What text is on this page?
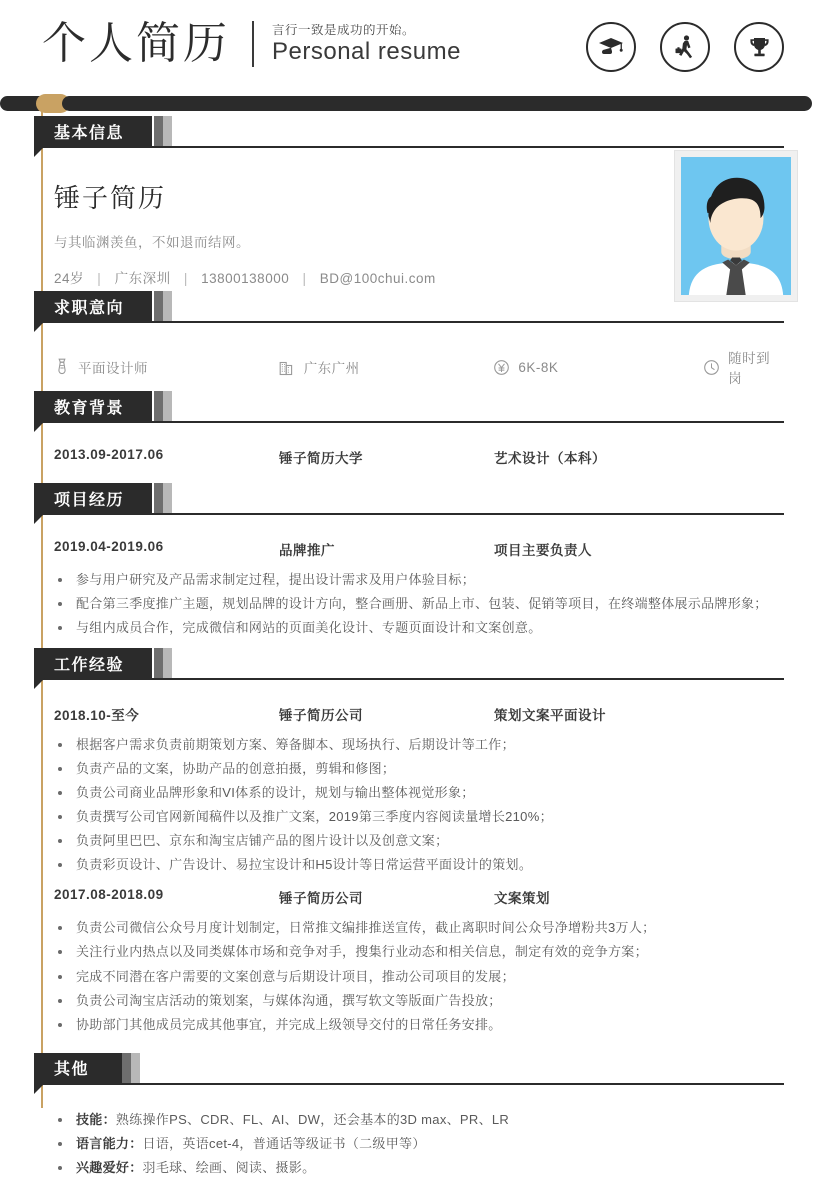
个人简历	言行一致是成功的开始。
Personal resume
基本信息
锤子简历
与其临渊羡鱼，不如退而结网。
24岁 | 广东深圳 | 13800138000 | BD@100chui.com
求职意向
平面设计师	广东广州	6K-8K
随时到岗
教育背景
2013.09-2017.06	锤子简历大学	艺术设计（本科）
项目经历
2019.04-2019.06	品牌推广	项目主要负责人
参与用户研究及产品需求制定过程，提出设计需求及用户体验目标；
配合第三季度推广主题，规划品牌的设计方向，整合画册、新品上市、包装、促销等项目，在终端整体展示品牌形象；
与组内成员合作，完成微信和网站的页面美化设计、专题页面设计和文案创意。
工作经验
2018.10-至今	锤子简历公司	策划文案平面设计
根据客户需求负责前期策划方案、筹备脚本、现场执行、后期设计等工作；
负责产品的文案，协助产品的创意拍摄，剪辑和修图；
负责公司商业品牌形象和VI体系的设计，规划与输出整体视觉形象；
负责撰写公司官网新闻稿件以及推广文案，2019第三季度内容阅读量增长210%；
负责阿里巴巴、京东和淘宝店铺产品的图片设计以及创意文案；
负责彩页设计、广告设计、易拉宝设计和H5设计等日常运营平面设计的策划。
2017.08-2018.09	锤子简历公司	文案策划
负责公司微信公众号月度计划制定，日常推文编排推送宣传，截止离职时间公众号净增粉共3万人；
关注行业内热点以及同类媒体市场和竞争对手，搜集行业动态和相关信息，制定有效的竞争方案；
完成不同潜在客户需要的文案创意与后期设计项目，推动公司项目的发展；
负责公司淘宝店活动的策划案，与媒体沟通，撰写软文等版面广告投放；
协助部门其他成员完成其他事宜，并完成上级领导交付的日常任务安排。
其他
技能：熟练操作PS、CDR、FL、AI、DW，还会基本的3D max、PR、LR
语言能力：日语，英语cet-4，普通话等级证书（二级甲等）
兴趣爱好：羽毛球、绘画、阅读、摄影。
